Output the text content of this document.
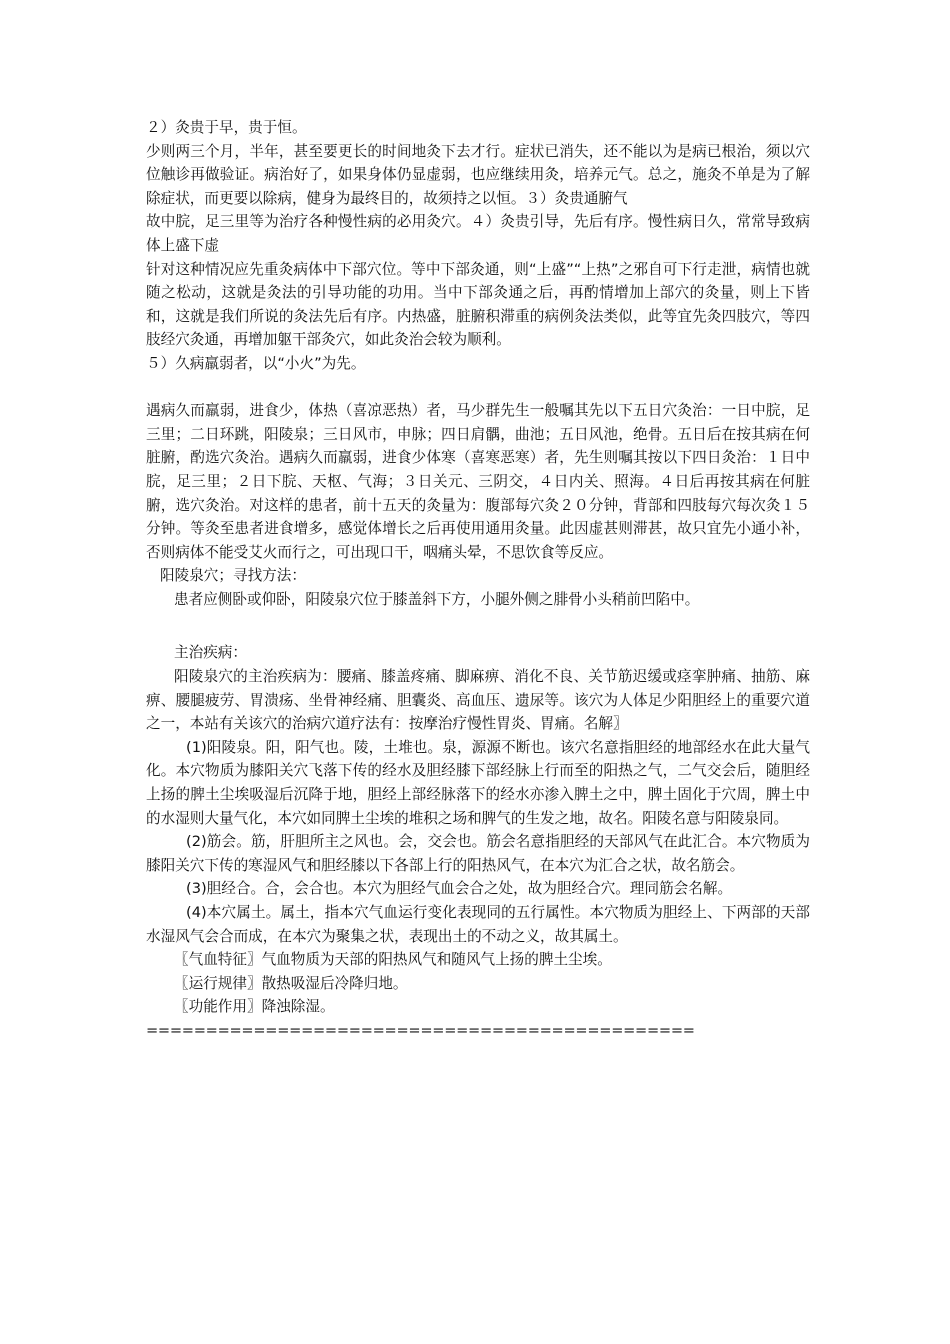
２）灸贵于早，贵于恒。

少则两三个月，半年，甚至要更长的时间地灸下去才行。症状已消失，还不能以为是病已根治，须以穴位触诊再做验证。病治好了，如果身体仍显虚弱，也应继续用灸，培养元气。总之，施灸不单是为了解除症状，而更要以除病，健身为最终目的，故须持之以恒。３）灸贵通腑气

故中脘，足三里等为治疗各种慢性病的必用灸穴。４）灸贵引导，先后有序。慢性病日久，常常导致病体上盛下虚

针对这种情况应先重灸病体中下部穴位。等中下部灸通，则“上盛”“上热”之邪自可下行走泄，病情也就随之松动，这就是灸法的引导功能的功用。当中下部灸通之后，再酌情增加上部穴的灸量，则上下皆和，这就是我们所说的灸法先后有序。内热盛，脏腑积滞重的病例灸法类似，此等宜先灸四肢穴，等四肢经穴灸通，再增加躯干部灸穴，如此灸治会较为顺利。

５）久病羸弱者，以“小火”为先。

遇病久而羸弱，进食少，体热（喜凉恶热）者，马少群先生一般嘱其先以下五日穴灸治：一日中脘，足三里；二日环跳，阳陵泉；三日风市，申脉；四日肩髃，曲池；五日风池，绝骨。五日后在按其病在何脏腑，酌选穴灸治。遇病久而羸弱，进食少体寒（喜寒恶寒）者，先生则嘱其按以下四日灸治：１日中脘，足三里；２日下脘、天枢、气海；３日关元、三阴交，４日内关、照海。４日后再按其病在何脏腑，选穴灸治。对这样的患者，前十五天的灸量为：腹部每穴灸２０分钟，背部和四肢每穴每次灸１５分钟。等灸至患者进食增多，感觉体增长之后再使用通用灸量。此因虚甚则滞甚，故只宜先小通小补，否则病体不能受艾火而行之，可出现口干，咽痛头晕，不思饮食等反应。

阳陵泉穴；寻找方法：

患者应侧卧或仰卧，阳陵泉穴位于膝盖斜下方，小腿外侧之腓骨小头稍前凹陷中。

主治疾病：

阳陵泉穴的主治疾病为：腰痛、膝盖疼痛、脚麻痹、消化不良、关节筋迟缓或痉挛肿痛、抽筋、麻痹、腰腿疲劳、胃溃疡、坐骨神经痛、胆囊炎、高血压、遗尿等。该穴为人体足少阳胆经上的重要穴道之一，本站有关该穴的治病穴道疗法有：按摩治疗慢性胃炎、胃痛。名解〗

(1)阳陵泉。阳，阳气也。陵，土堆也。泉，源源不断也。该穴名意指胆经的地部经水在此大量气化。本穴物质为膝阳关穴飞落下传的经水及胆经膝下部经脉上行而至的阳热之气，二气交会后，随胆经上扬的脾土尘埃吸湿后沉降于地，胆经上部经脉落下的经水亦渗入脾土之中，脾土固化于穴周，脾土中的水湿则大量气化，本穴如同脾土尘埃的堆积之场和脾气的生发之地，故名。阳陵名意与阳陵泉同。

(2)筋会。筋，肝胆所主之风也。会，交会也。筋会名意指胆经的天部风气在此汇合。本穴物质为膝阳关穴下传的寒湿风气和胆经膝以下各部上行的阳热风气，在本穴为汇合之状，故名筋会。

(3)胆经合。合，会合也。本穴为胆经气血会合之处，故为胆经合穴。理同筋会名解。

(4)本穴属土。属土，指本穴气血运行变化表现同的五行属性。本穴物质为胆经上、下两部的天部水湿风气会合而成，在本穴为聚集之状，表现出土的不动之义，故其属土。

〖气血特征〗气血物质为天部的阳热风气和随风气上扬的脾土尘埃。

〖运行规律〗散热吸湿后冷降归地。

〖功能作用〗降浊除湿。

==============================================
